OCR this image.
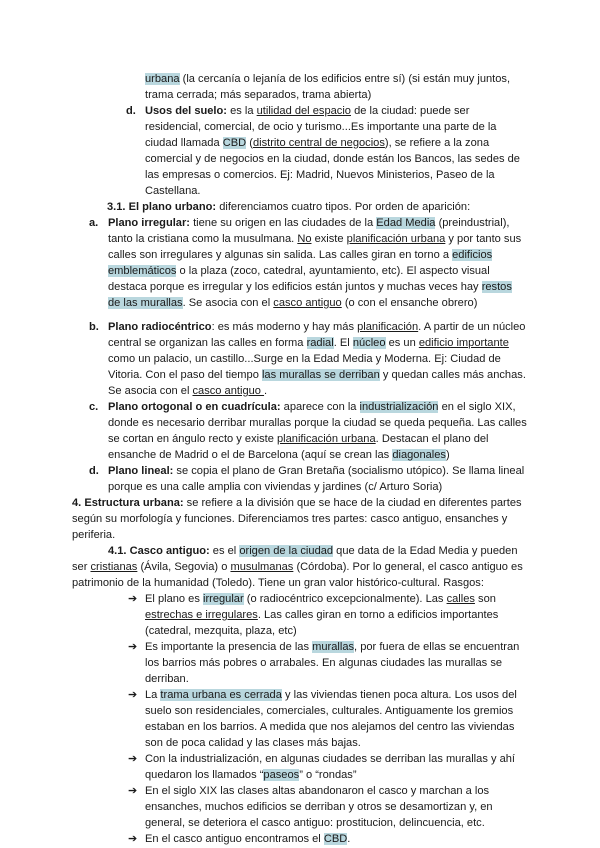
urbana (la cercanía o lejanía de los edificios entre sí) (si están muy juntos,
trama cerrada; más separados, trama abierta)
d. Usos del suelo: es la utilidad del espacio de la ciudad: puede ser
residencial, comercial, de ocio y turismo...Es importante una parte de la
ciudad llamada CBD (distrito central de negocios), se refiere a la zona
comercial y de negocios en la ciudad, donde están los Bancos, las sedes de
las empresas o comercios. Ej: Madrid, Nuevos Ministerios, Paseo de la
Castellana.
3.1. El plano urbano: diferenciamos cuatro tipos. Por orden de aparición:
a. Plano irregular: tiene su origen en las ciudades de la Edad Media (preindustrial),
tanto la cristiana como la musulmana. No existe planificación urbana y por tanto sus
calles son irregulares y algunas sin salida. Las calles giran en torno a edificios
emblemáticos o la plaza (zoco, catedral, ayuntamiento, etc). El aspecto visual
destaca porque es irregular y los edificios están juntos y muchas veces hay restos
de las murallas. Se asocia con el casco antiguo (o con el ensanche obrero)
b. Plano radiocéntrico: es más moderno y hay más planificación. A partir de un núcleo
central se organizan las calles en forma radial. El núcleo es un edificio importante
como un palacio, un castillo...Surge en la Edad Media y Moderna. Ej: Ciudad de
Vitoria. Con el paso del tiempo las murallas se derriban y quedan calles más anchas.
Se asocia con el casco antiguo .
c. Plano ortogonal o en cuadrícula: aparece con la industrialización en el siglo XIX,
donde es necesario derribar murallas porque la ciudad se queda pequeña. Las calles
se cortan en ángulo recto y existe planificación urbana. Destacan el plano del
ensanche de Madrid o el de Barcelona (aquí se crean las diagonales)
d. Plano lineal: se copia el plano de Gran Bretaña (socialismo utópico). Se llama lineal
porque es una calle amplia con viviendas y jardines (c/ Arturo Soria)
4. Estructura urbana: se refiere a la división que se hace de la ciudad en diferentes partes
según su morfología y funciones. Diferenciamos tres partes: casco antiguo, ensanches y
periferia.
4.1. Casco antiguo: es el origen de la ciudad que data de la Edad Media y pueden
ser cristianas (Ávila, Segovia) o musulmanas (Córdoba). Por lo general, el casco antiguo es
patrimonio de la humanidad (Toledo). Tiene un gran valor histórico-cultural. Rasgos:
➔ El plano es irregular (o radiocéntrico excepcionalmente). Las calles son
estrechas e irregulares. Las calles giran en torno a edificios importantes
(catedral, mezquita, plaza, etc)
➔ Es importante la presencia de las murallas, por fuera de ellas se encuentran
los barrios más pobres o arrabales. En algunas ciudades las murallas se
derriban.
➔ La trama urbana es cerrada y las viviendas tienen poca altura. Los usos del
suelo son residenciales, comerciales, culturales. Antiguamente los gremios
estaban en los barrios. A medida que nos alejamos del centro las viviendas
son de poca calidad y las clases más bajas.
➔ Con la industrialización, en algunas ciudades se derriban las murallas y ahí
quedaron los llamados “paseos” o “rondas”
➔ En el siglo XIX las clases altas abandonaron el casco y marchan a los
ensanches, muchos edificios se derriban y otros se desamortizan y, en
general, se deteriora el casco antiguo: prostitucion, delincuencia, etc.
➔ En el casco antiguo encontramos el CBD.
